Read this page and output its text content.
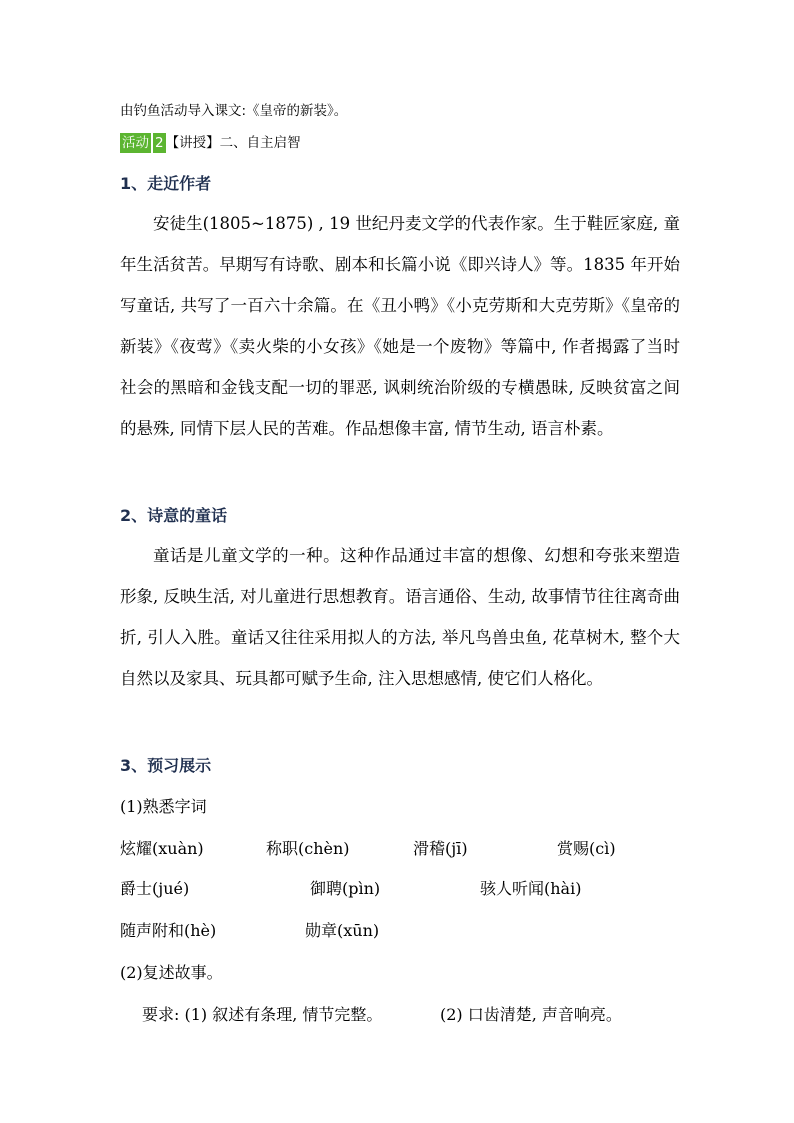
由钓鱼活动导入课文:《皇帝的新装》。
活动 2 【讲授】二、自主启智
1、走近作者
安徒生(1805~1875) , 19 世纪丹麦文学的代表作家。生于鞋匠家庭, 童年生活贫苦。早期写有诗歌、剧本和长篇小说《即兴诗人》等。1835 年开始写童话, 共写了一百六十余篇。在《丑小鸭》《小克劳斯和大克劳斯》《皇帝的新装》《夜莺》《卖火柴的小女孩》《她是一个废物》等篇中, 作者揭露了当时社会的黑暗和金钱支配一切的罪恶, 讽刺统治阶级的专横愚昧, 反映贫富之间的悬殊, 同情下层人民的苦难。作品想像丰富, 情节生动, 语言朴素。
2、诗意的童话
童话是儿童文学的一种。这种作品通过丰富的想像、幻想和夸张来塑造形象, 反映生活, 对儿童进行思想教育。语言通俗、生动, 故事情节往往离奇曲折, 引人入胜。童话又往往采用拟人的方法, 举凡鸟兽虫鱼, 花草树木, 整个大自然以及家具、玩具都可赋予生命, 注入思想感情, 使它们人格化。
3、预习展示
(1)熟悉字词
炫耀(xuàn)	称职(chèn)	滑稽(jī)	赏赐(cì)
爵士(jué)	御聘(pìn)	骇人听闻(hài)
随声附和(hè)	勋章(xūn)
(2)复述故事。
要求: (1) 叙述有条理, 情节完整。	(2) 口齿清楚, 声音响亮。
